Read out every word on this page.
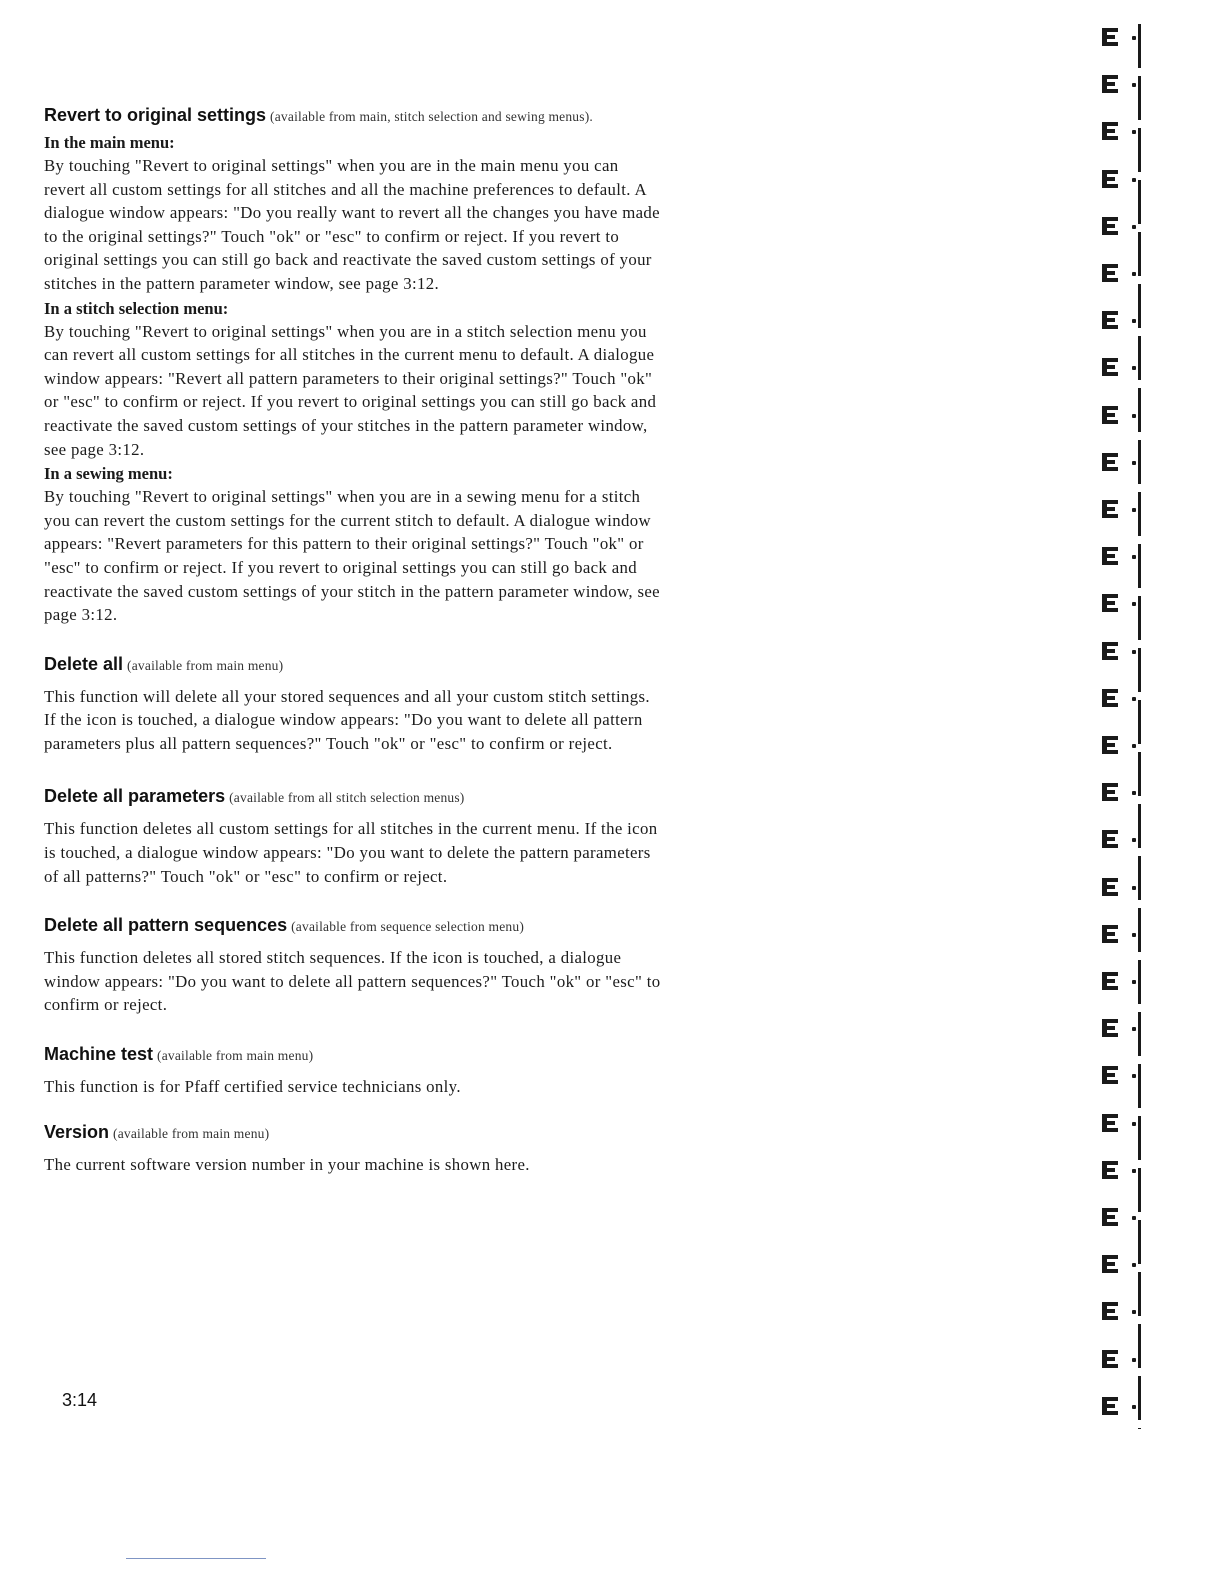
Revert to original settings (available from main, stitch selection and sewing menus).
In the main menu:

By touching "Revert to original settings" when you are in the main menu you can revert all custom settings for all stitches and all the machine preferences to default. A dialogue window appears: "Do you really want to revert all the changes you have made to the original settings?" Touch "ok" or "esc" to confirm or reject. If you revert to original settings you can still go back and reactivate the saved custom settings of your stitches in the pattern parameter window, see page 3:12.

In a stitch selection menu:

By touching "Revert to original settings" when you are in a stitch selection menu you can revert all custom settings for all stitches in the current menu to default. A dialogue window appears: "Revert all pattern parameters to their original settings?" Touch "ok" or "esc" to confirm or reject. If you revert to original settings you can still go back and reactivate the saved custom settings of your stitches in the pattern parameter window, see page 3:12.

In a sewing menu:

By touching "Revert to original settings" when you are in a sewing menu for a stitch you can revert the custom settings for the current stitch to default. A dialogue window appears: "Revert parameters for this pattern to their original settings?" Touch "ok" or "esc" to confirm or reject. If you revert to original settings you can still go back and reactivate the saved custom settings of your stitch in the pattern parameter window, see page 3:12.

Delete all (available from main menu)

This function will delete all your stored sequences and all your custom stitch settings. If the icon is touched, a dialogue window appears: "Do you want to delete all pattern parameters plus all pattern sequences?" Touch "ok" or "esc" to confirm or reject.

Delete all parameters (available from all stitch selection menus)

This function deletes all custom settings for all stitches in the current menu. If the icon is touched, a dialogue window appears: "Do you want to delete the pattern parameters of all patterns?" Touch "ok" or "esc" to confirm or reject.

Delete all pattern sequences (available from sequence selection menu)

This function deletes all stored stitch sequences. If the icon is touched, a dialogue window appears: "Do you want to delete all pattern sequences?" Touch "ok" or "esc" to confirm or reject.

Machine test (available from main menu)

This function is for Pfaff certified service technicians only.

Version (available from main menu)

The current software version number in your machine is shown here.

3:14
